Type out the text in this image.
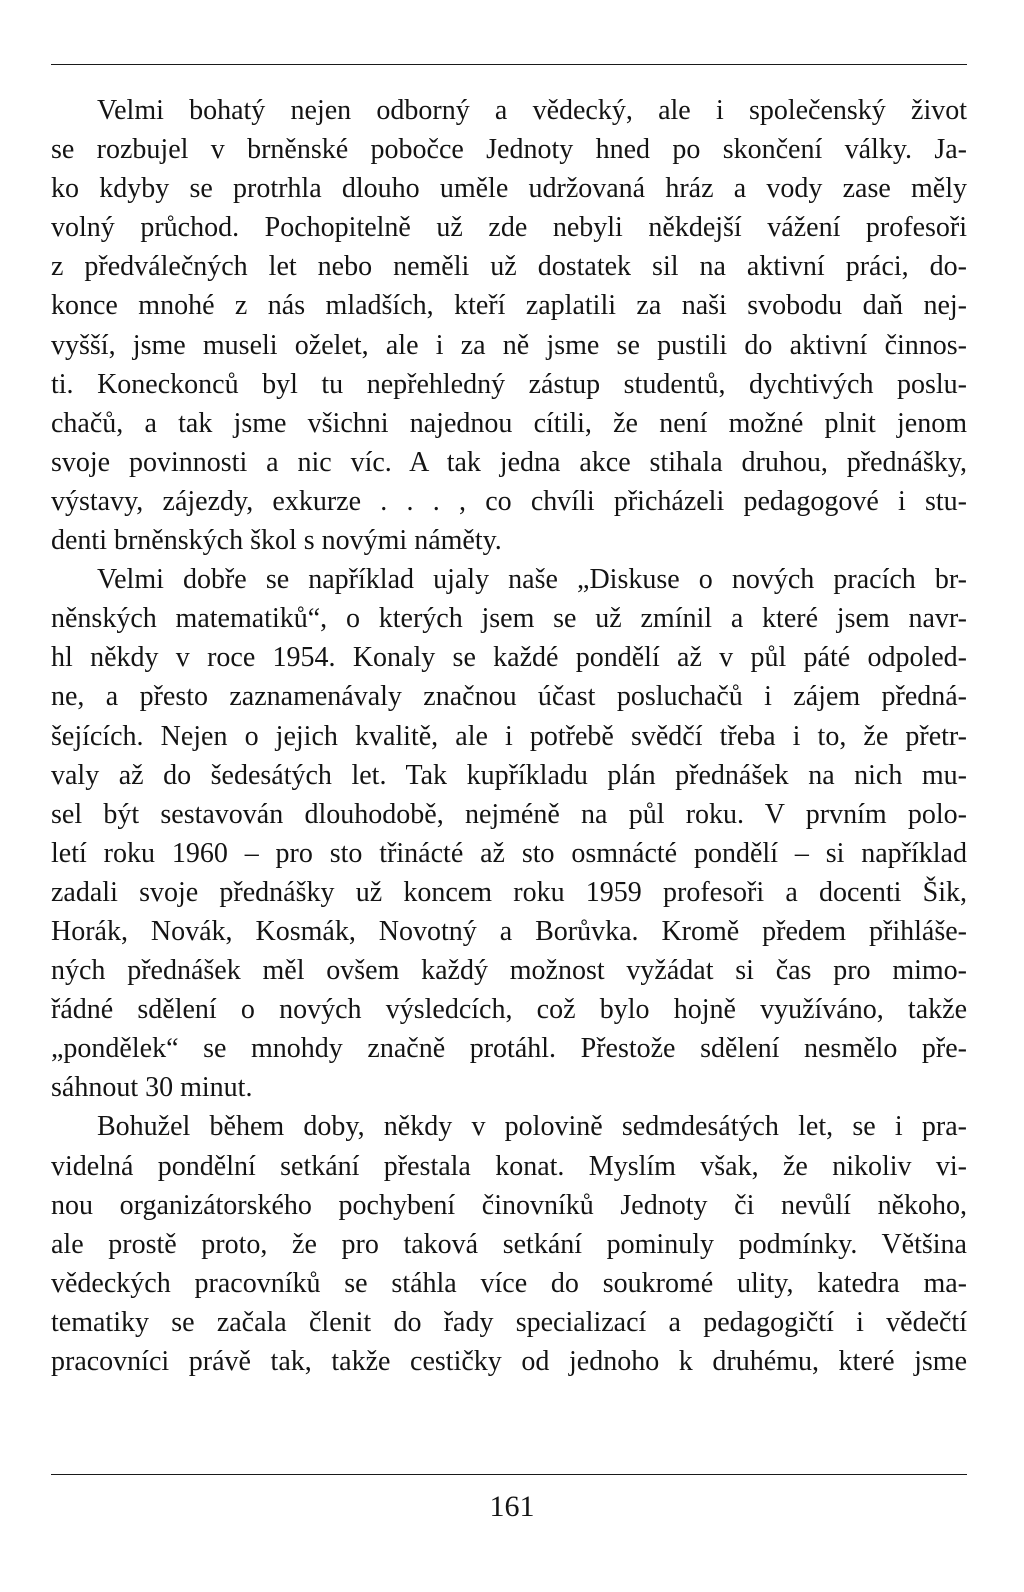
Velmi bohatý nejen odborný a vědecký, ale i společenský život
se rozbujel v brněnské pobočce Jednoty hned po skončení války. Ja-
ko kdyby se protrhla dlouho uměle udržovaná hráz a vody zase měly
volný průchod. Pochopitelně už zde nebyli někdejší vážení profesoři
z předválečných let nebo neměli už dostatek sil na aktivní práci, do-
konce mnohé z nás mladších, kteří zaplatili za naši svobodu daň nej-
vyšší, jsme museli oželet, ale i za ně jsme se pustili do aktivní činnos-
ti. Koneckonců byl tu nepřehledný zástup studentů, dychtivých poslu-
chačů, a tak jsme všichni najednou cítili, že není možné plnit jenom
svoje povinnosti a nic víc. A tak jedna akce stihala druhou, přednášky,
výstavy, zájezdy, exkurze . . . , co chvíli přicházeli pedagogové i stu-
denti brněnských škol s novými náměty.
Velmi dobře se například ujaly naše „Diskuse o nových pracích br-
něnských matematiků“, o kterých jsem se už zmínil a které jsem navr-
hl někdy v roce 1954. Konaly se každé pondělí až v půl páté odpoled-
ne, a přesto zaznamenávaly značnou účast posluchačů i zájem předná-
šejících. Nejen o jejich kvalitě, ale i potřebě svědčí třeba i to, že přetr-
valy až do šedesátých let. Tak kupříkladu plán přednášek na nich mu-
sel být sestavován dlouhodobě, nejméně na půl roku. V prvním polo-
letí roku 1960 – pro sto třinácté až sto osmnácté pondělí – si například
zadali svoje přednášky už koncem roku 1959 profesoři a docenti Šik,
Horák, Novák, Kosmák, Novotný a Borůvka. Kromě předem přihláše-
ných přednášek měl ovšem každý možnost vyžádat si čas pro mimo-
řádné sdělení o nových výsledcích, což bylo hojně využíváno, takže
„pondělek“ se mnohdy značně protáhl. Přestože sdělení nesmělo pře-
sáhnout 30 minut.
Bohužel během doby, někdy v polovině sedmdesátých let, se i pra-
videlná pondělní setkání přestala konat. Myslím však, že nikoliv vi-
nou organizátorského pochybení činovníků Jednoty či nevůlí někoho,
ale prostě proto, že pro taková setkání pominuly podmínky. Většina
vědeckých pracovníků se stáhla více do soukromé ulity, katedra ma-
tematiky se začala členit do řady specializací a pedagogičtí i vědečtí
pracovníci právě tak, takže cestičky od jednoho k druhému, které jsme
161
